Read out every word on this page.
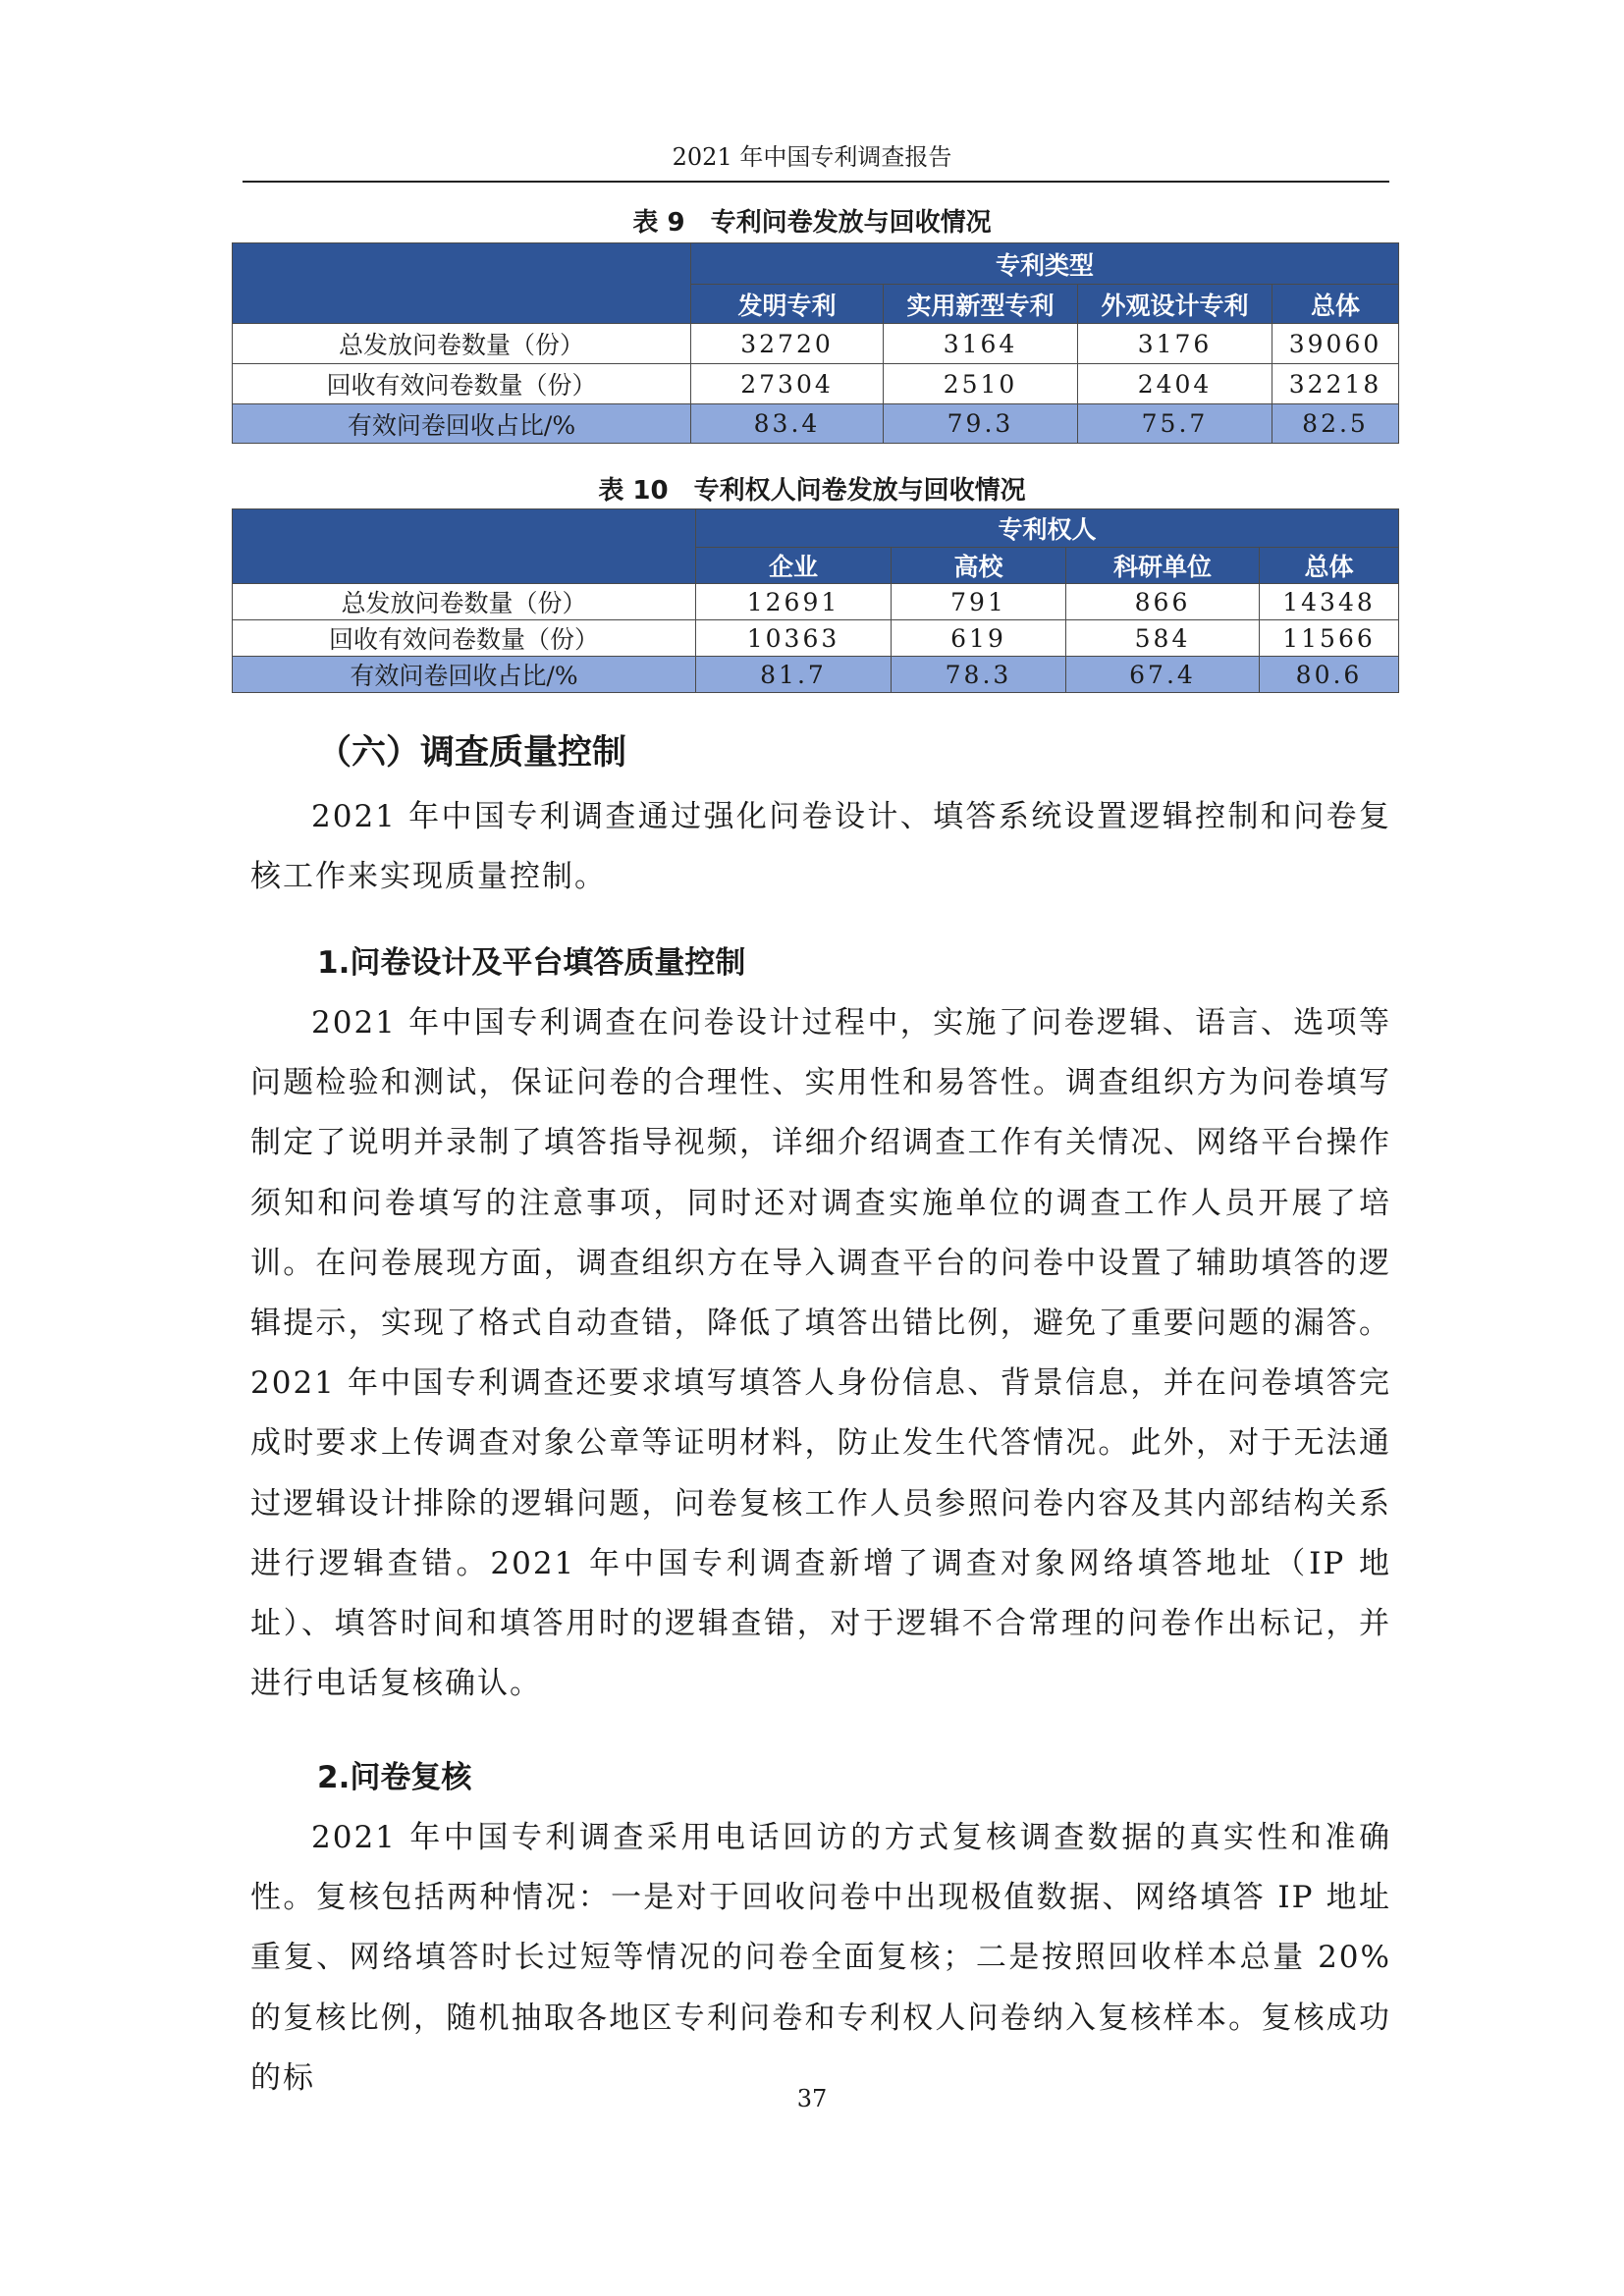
2021 年中国专利调查报告
表 9　专利问卷发放与回收情况
	专利类型			
	发明专利	实用新型专利	外观设计专利	总体
总发放问卷数量（份）	32720	3164	3176	39060
回收有效问卷数量（份）	27304	2510	2404	32218
有效问卷回收占比/%	83.4	79.3	75.7	82.5
表 10　专利权人问卷发放与回收情况
	专利权人			
	企业	高校	科研单位	总体
总发放问卷数量（份）	12691	791	866	14348
回收有效问卷数量（份）	10363	619	584	11566
有效问卷回收占比/%	81.7	78.3	67.4	80.6
（六）调查质量控制
2021 年中国专利调查通过强化问卷设计、填答系统设置逻辑控制和问卷复核工作来实现质量控制。
1.问卷设计及平台填答质量控制
2021 年中国专利调查在问卷设计过程中，实施了问卷逻辑、语言、选项等问题检验和测试，保证问卷的合理性、实用性和易答性。调查组织方为问卷填写制定了说明并录制了填答指导视频，详细介绍调查工作有关情况、网络平台操作须知和问卷填写的注意事项，同时还对调查实施单位的调查工作人员开展了培训。在问卷展现方面，调查组织方在导入调查平台的问卷中设置了辅助填答的逻辑提示，实现了格式自动查错，降低了填答出错比例，避免了重要问题的漏答。2021 年中国专利调查还要求填写填答人身份信息、背景信息，并在问卷填答完成时要求上传调查对象公章等证明材料，防止发生代答情况。此外，对于无法通过逻辑设计排除的逻辑问题，问卷复核工作人员参照问卷内容及其内部结构关系进行逻辑查错。2021 年中国专利调查新增了调查对象网络填答地址（IP 地址）、填答时间和填答用时的逻辑查错，对于逻辑不合常理的问卷作出标记，并进行电话复核确认。
2.问卷复核
2021 年中国专利调查采用电话回访的方式复核调查数据的真实性和准确性。复核包括两种情况：一是对于回收问卷中出现极值数据、网络填答 IP 地址重复、网络填答时长过短等情况的问卷全面复核；二是按照回收样本总量 20%的复核比例，随机抽取各地区专利问卷和专利权人问卷纳入复核样本。复核成功的标
37
